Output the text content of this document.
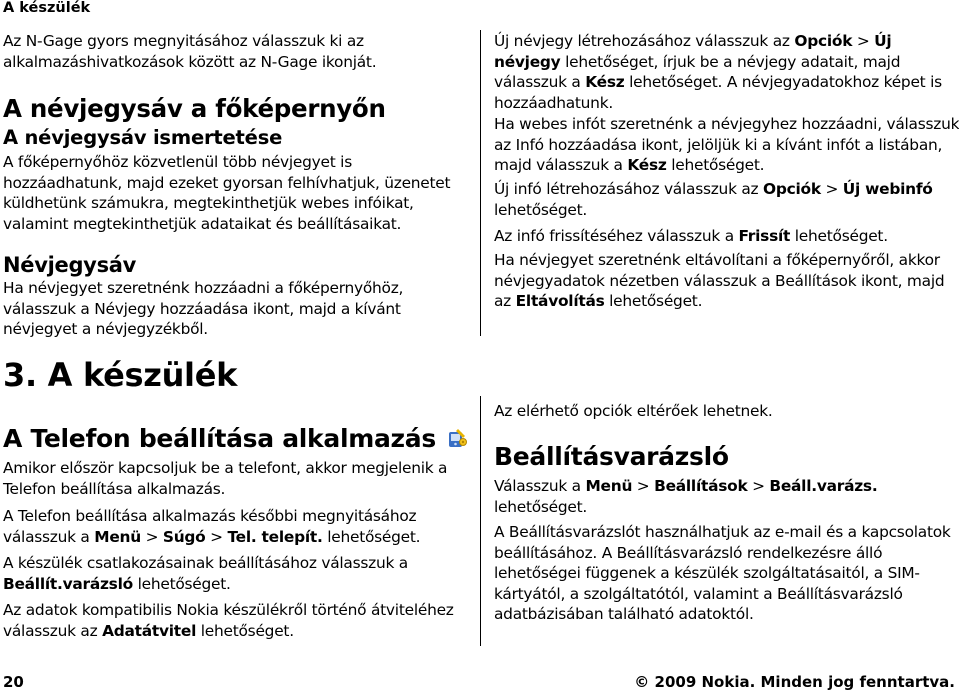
A készülék

Az N-Gage gyors megnyitásához válasszuk ki az alkalmazáshivatkozások között az N-Gage ikonját.

A névjegysáv a főképernyőn

A névjegysáv ismertetése

A főképernyőhöz közvetlenül több névjegyet is hozzáadhatunk, majd ezeket gyorsan felhívhatjuk, üzenetet küldhetünk számukra, megtekinthetjük webes infóikat, valamint megtekinthetjük adataikat és beállításaikat.

Névjegysáv

Ha névjegyet szeretnénk hozzáadni a főképernyőhöz, válasszuk a Névjegy hozzáadása ikont, majd a kívánt névjegyet a névjegyzékből.

Új névjegy létrehozásához válasszuk az Opciók > Új névjegy lehetőséget, írjuk be a névjegy adatait, majd válasszuk a Kész lehetőséget. A névjegyadatokhoz képet is hozzáadhatunk.

Ha webes infót szeretnénk a névjegyhez hozzáadni, válasszuk az Infó hozzáadása ikont, jelöljük ki a kívánt infót a listában, majd válasszuk a Kész lehetőséget.

Új infó létrehozásához válasszuk az Opciók > Új webinfó lehetőséget.

Az infó frissítéséhez válasszuk a Frissít lehetőséget.

Ha névjegyet szeretnénk eltávolítani a főképernyőről, akkor névjegyadatok nézetben válasszuk a Beállítások ikont, majd az Eltávolítás lehetőséget.

3. A készülék

A Telefon beállítása alkalmazás

Amikor először kapcsoljuk be a telefont, akkor megjelenik a Telefon beállítása alkalmazás.

A Telefon beállítása alkalmazás későbbi megnyitásához válasszuk a Menü > Súgó > Tel. telepít. lehetőséget.

A készülék csatlakozásainak beállításához válasszuk a Beállít.varázsló lehetőséget.

Az adatok kompatibilis Nokia készülékről történő átviteléhez válasszuk az Adatátvitel lehetőséget.

Az elérhető opciók eltérőek lehetnek.

Beállításvarázsló

Válasszuk a Menü > Beállítások > Beáll.varázs. lehetőséget.

A Beállításvarázslót használhatjuk az e-mail és a kapcsolatok beállításához. A Beállításvarázsló rendelkezésre álló lehetőségei függenek a készülék szolgáltatásaitól, a SIM-kártyától, a szolgáltatótól, valamint a Beállításvarázsló adatbázisában található adatoktól.

20	© 2009 Nokia. Minden jog fenntartva.
